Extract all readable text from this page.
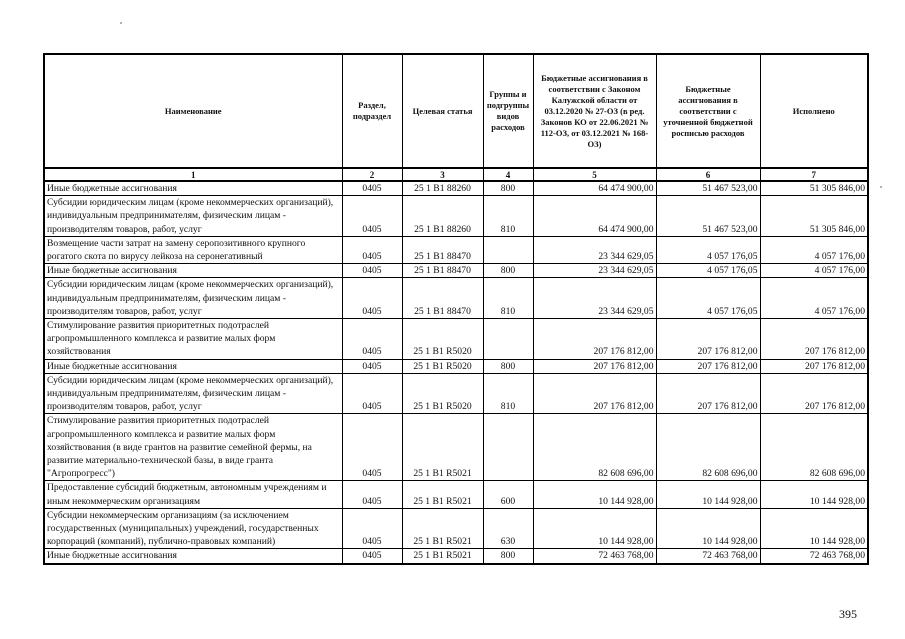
Наименование	Раздел, подраздел	Целевая статья	Группы и подгруппы видов расходов	Бюджетные ассигнования в соответствии с Законом Калужской области от 03.12.2020 № 27-ОЗ (в ред. Законов КО от 22.06.2021 № 112-ОЗ, от 03.12.2021 № 168-ОЗ)	Бюджетные ассигнования в соответствии с уточненной бюджетной росписью расходов	Исполнено
1	2	3	4	5	6	7
Иные бюджетные ассигнования	0405	25 1 B1 88260	800	64 474 900,00	51 467 523,00	51 305 846,00
Субсидии юридическим лицам (кроме некоммерческих организаций), индивидуальным предпринимателям, физическим лицам - производителям товаров, работ, услуг	0405	25 1 B1 88260	810	64 474 900,00	51 467 523,00	51 305 846,00
Возмещение части затрат на замену серопозитивного крупного рогатого скота по вирусу лейкоза на серонегативный	0405	25 1 B1 88470		23 344 629,05	4 057 176,05	4 057 176,00
Иные бюджетные ассигнования	0405	25 1 B1 88470	800	23 344 629,05	4 057 176,05	4 057 176,00
Субсидии юридическим лицам (кроме некоммерческих организаций), индивидуальным предпринимателям, физическим лицам - производителям товаров, работ, услуг	0405	25 1 B1 88470	810	23 344 629,05	4 057 176,05	4 057 176,00
Стимулирование развития приоритетных подотраслей агропромышленного комплекса и развитие малых форм хозяйствования	0405	25 1 B1 R5020		207 176 812,00	207 176 812,00	207 176 812,00
Иные бюджетные ассигнования	0405	25 1 B1 R5020	800	207 176 812,00	207 176 812,00	207 176 812,00
Субсидии юридическим лицам (кроме некоммерческих организаций), индивидуальным предпринимателям, физическим лицам - производителям товаров, работ, услуг	0405	25 1 B1 R5020	810	207 176 812,00	207 176 812,00	207 176 812,00
Стимулирование развития приоритетных подотраслей агропромышленного комплекса и развитие малых форм хозяйствования (в виде грантов на развитие семейной фермы, на развитие материально-технической базы, в виде гранта "Агропрогресс")	0405	25 1 B1 R5021		82 608 696,00	82 608 696,00	82 608 696,00
Предоставление субсидий бюджетным, автономным учреждениям и иным некоммерческим организациям	0405	25 1 B1 R5021	600	10 144 928,00	10 144 928,00	10 144 928,00
Субсидии некоммерческим организациям (за исключением государственных (муниципальных) учреждений, государственных корпораций (компаний), публично-правовых компаний)	0405	25 1 B1 R5021	630	10 144 928,00	10 144 928,00	10 144 928,00
Иные бюджетные ассигнования	0405	25 1 B1 R5021	800	72 463 768,00	72 463 768,00	72 463 768,00
395
